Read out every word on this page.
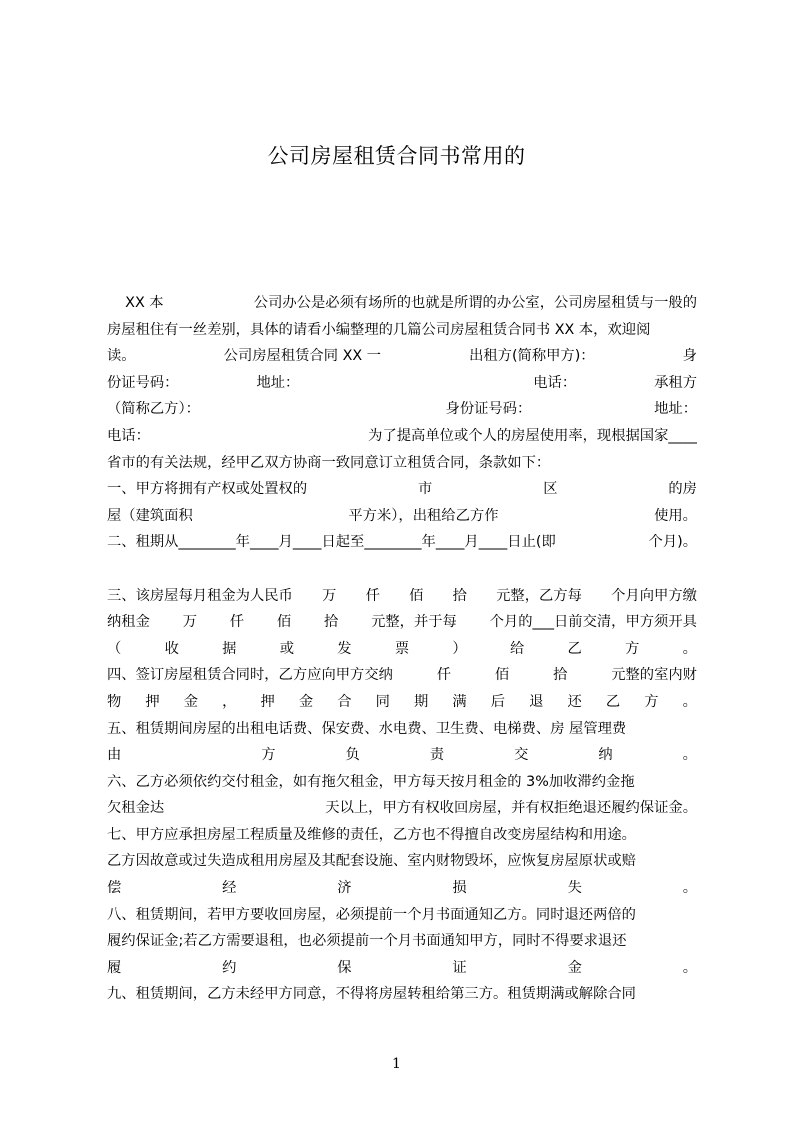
公司房屋租赁合同书常用的
XX 本	公司办公是必须有场所的也就是所谓的办公室，公司房屋租赁与一般的
房屋租住有一丝差别，具体的请看小编整理的几篇公司房屋租赁合同书 XX 本，欢迎阅
读。	公司房屋租赁合同 XX 一	出租方(简称甲方)：	身
份证号码：	地址：	电话：	承租方
（简称乙方）：	身份证号码：	地址：
电话：	为了提高单位或个人的房屋使用率，现根据国家____
省市的有关法规，经甲乙双方协商一致同意订立租赁合同，条款如下：
一、甲方将拥有产权或处置权的	市	区	的房
屋（建筑面积	平方米），出租给乙方作	使用。
二、租期从________年____月____日起至________年____月____日止(即	个月)。
三、该房屋每月租金为人民币 万 仟 佰 拾 元整，乙方每 个月向甲方缴
纳租金 万 仟 佰 拾 元整，并于每 个月的___日前交清，甲方须开具
（	收	据	或	发	票	）	给	乙	方	。
四、签订房屋租赁合同时，乙方应向甲方交纳	仟	佰	拾	元整的室内财
物 押 金 ， 押 金 合 同 期 满 后 退 还 乙 方 。
五、租赁期间房屋的出租电话费、保安费、水电费、卫生费、电梯费、房 屋管理费
由	方	负	责	交	纳	。
六、乙方必须依约交付租金，如有拖欠租金，甲方每天按月租金的 3%加收滞约金拖
欠租金达	天以上，甲方有权收回房屋，并有权拒绝退还履约保证金。
七、甲方应承担房屋工程质量及维修的责任，乙方也不得擅自改变房屋结构和用途。
乙方因故意或过失造成租用房屋及其配套设施、室内财物毁坏，应恢复房屋原状或赔
偿	经	济	损	失	。
八、租赁期间，若甲方要收回房屋，必须提前一个月书面通知乙方。同时退还两倍的
履约保证金;若乙方需要退租，也必须提前一个月书面通知甲方，同时不得要求退还
履	约	保	证	金	。
九、租赁期间，乙方未经甲方同意，不得将房屋转租给第三方。租赁期满或解除合同
1
